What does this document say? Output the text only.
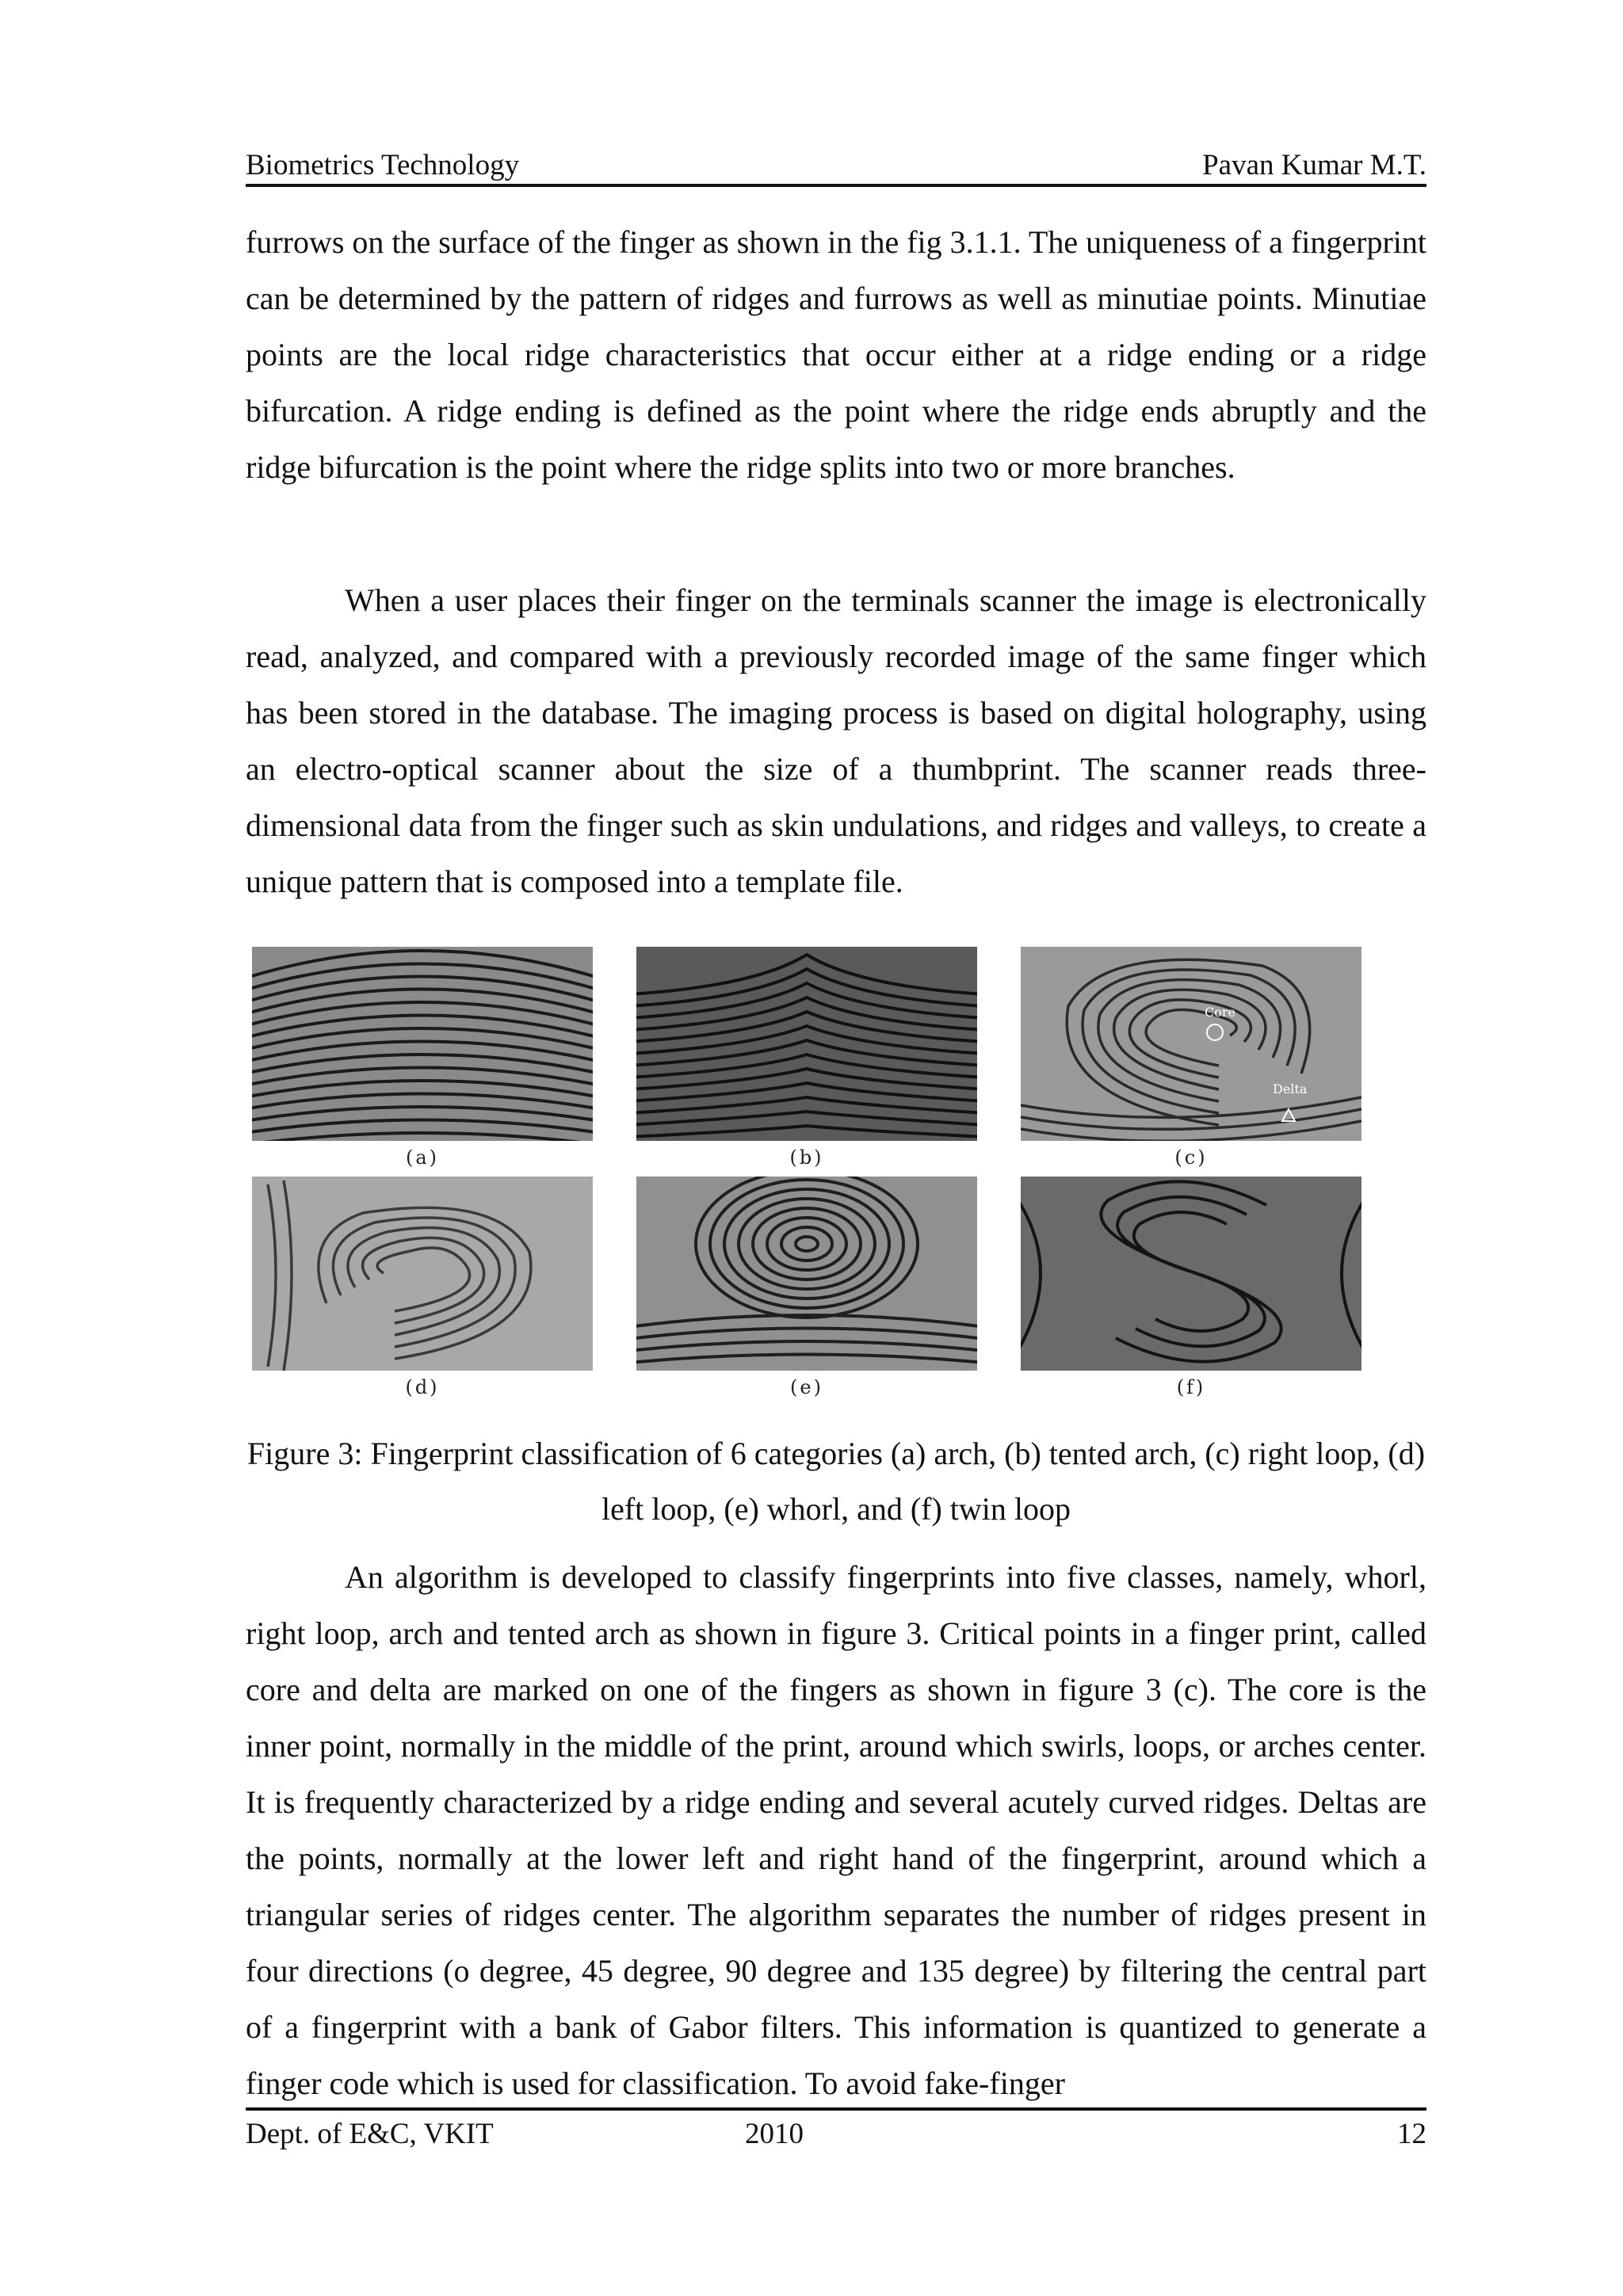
Biometrics Technology	Pavan Kumar M.T.

furrows on the surface of the finger as shown in the fig 3.1.1. The uniqueness of a fingerprint can be determined by the pattern of ridges and furrows as well as minutiae points. Minutiae points are the local ridge characteristics that occur either at a ridge ending or a ridge bifurcation. A ridge ending is defined as the point where the ridge ends abruptly and the ridge bifurcation is the point where the ridge splits into two or more branches.

When a user places their finger on the terminals scanner the image is electronically read, analyzed, and compared with a previously recorded image of the same finger which has been stored in the database. The imaging process is based on digital holography, using an electro-optical scanner about the size of a thumbprint. The scanner reads three-dimensional data from the finger such as skin undulations, and ridges and valleys, to create a unique pattern that is composed into a template file.

Core
Delta
(a)	(b)	(c)
(d)	(e)	(f)

Figure 3: Fingerprint classification of 6 categories (a) arch, (b) tented arch, (c) right loop, (d) left loop, (e) whorl, and (f) twin loop

An algorithm is developed to classify fingerprints into five classes, namely, whorl, right loop, arch and tented arch as shown in figure 3. Critical points in a finger print, called core and delta are marked on one of the fingers as shown in figure 3 (c). The core is the inner point, normally in the middle of the print, around which swirls, loops, or arches center. It is frequently characterized by a ridge ending and several acutely curved ridges. Deltas are the points, normally at the lower left and right hand of the fingerprint, around which a triangular series of ridges center. The algorithm separates the number of ridges present in four directions (o degree, 45 degree, 90 degree and 135 degree) by filtering the central part of a fingerprint with a bank of Gabor filters. This information is quantized to generate a finger code which is used for classification. To avoid fake-finger

Dept. of E&C, VKIT	2010	12
